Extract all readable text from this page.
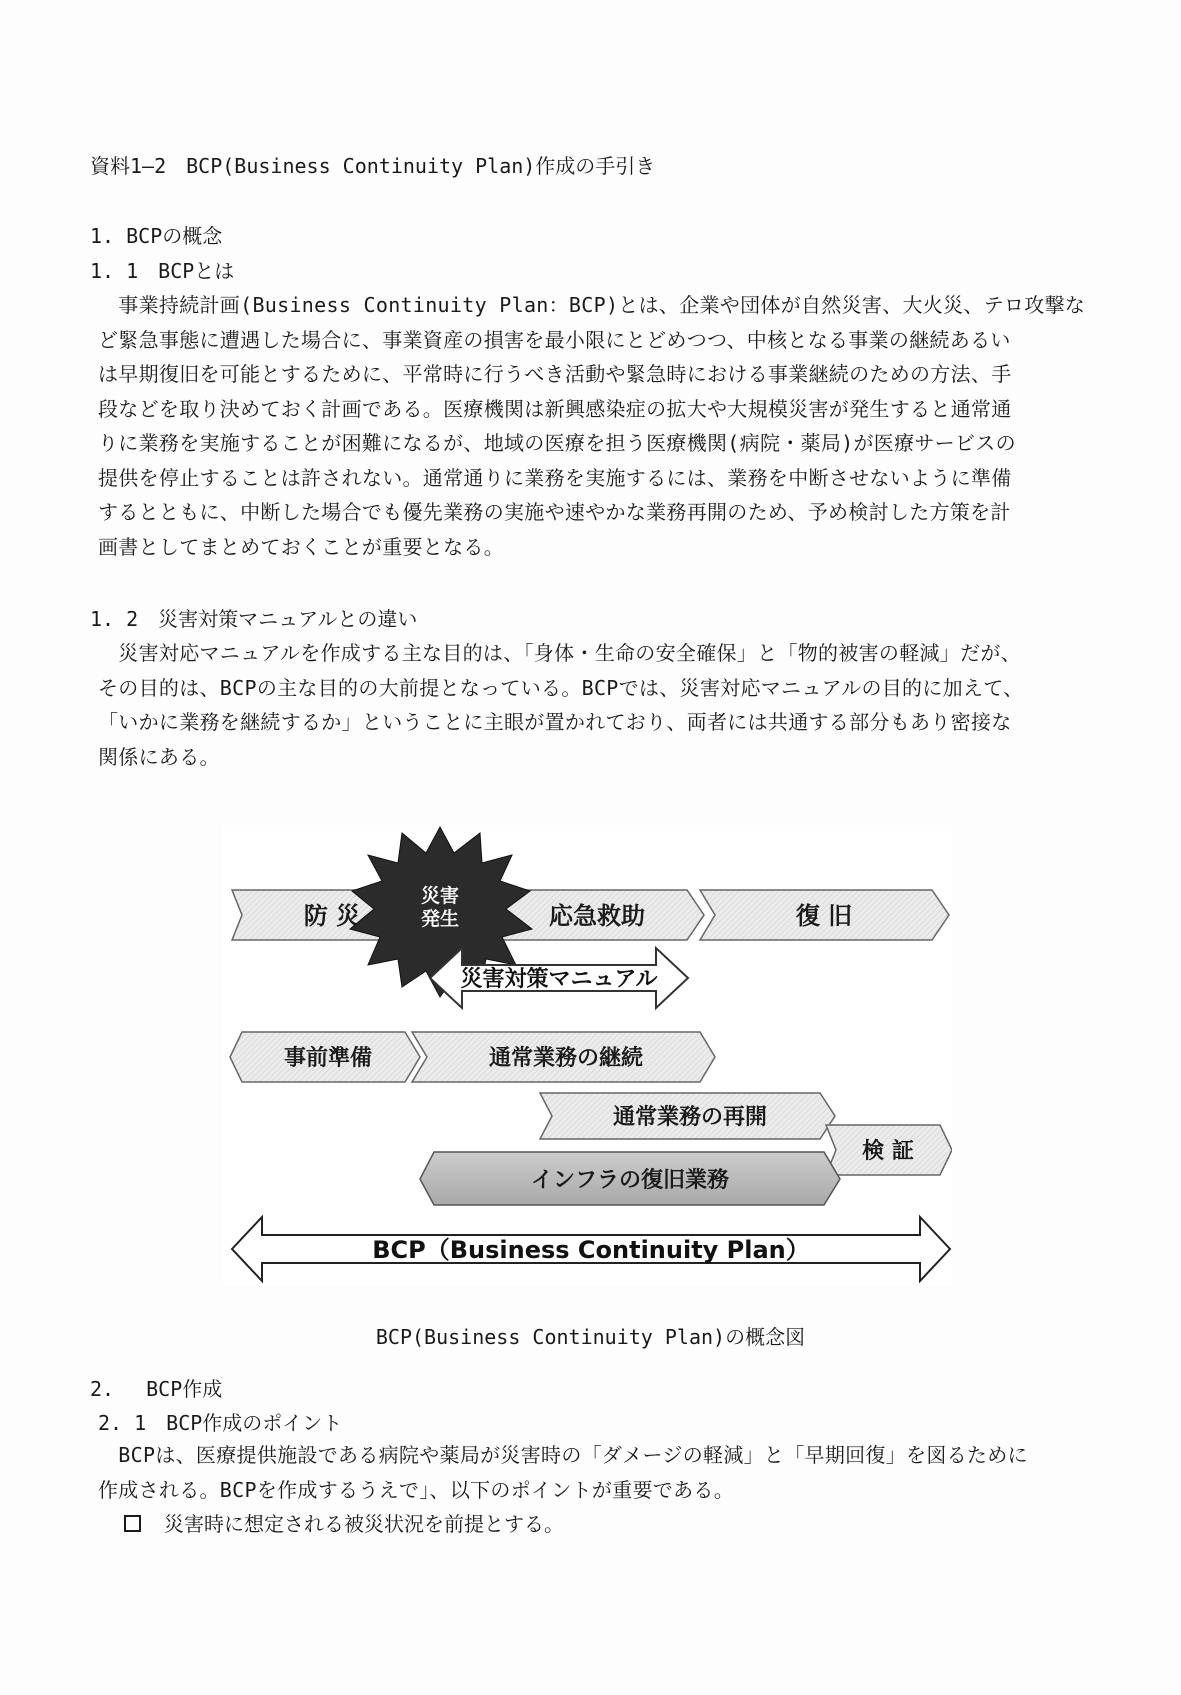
資料1―2　BCP(Business Continuity Plan)作成の手引き

1. BCPの概念

1. 1　BCPとは

　事業持続計画(Business Continuity Plan：BCP)とは、企業や団体が自然災害、大火災、テロ攻撃な
ど緊急事態に遭遇した場合に、事業資産の損害を最小限にとどめつつ、中核となる事業の継続あるい
は早期復旧を可能とするために、平常時に行うべき活動や緊急時における事業継続のための方法、手
段などを取り決めておく計画である。医療機関は新興感染症の拡大や大規模災害が発生すると通常通
りに業務を実施することが困難になるが、地域の医療を担う医療機関(病院・薬局)が医療サービスの
提供を停止することは許されない。通常通りに業務を実施するには、業務を中断させないように準備
するとともに、中断した場合でも優先業務の実施や速やかな業務再開のため、予め検討した方策を計
画書としてまとめておくことが重要となる。

1. 2　災害対策マニュアルとの違い

　災害対応マニュアルを作成する主な目的は、「身体・生命の安全確保」と「物的被害の軽減」だが、
その目的は、BCPの主な目的の大前提となっている。BCPでは、災害対応マニュアルの目的に加えて、
「いかに業務を継続するか」ということに主眼が置かれており、両者には共通する部分もあり密接な
関係にある。
防 災	応急救助	復 旧
災害
発生
災害対策マニュアル
事前準備	通常業務の継続
通常業務の再開
検 証
インフラの復旧業務
BCP（Business Continuity Plan）

BCP(Business Continuity Plan)の概念図

2.　 BCP作成

2. 1　BCP作成のポイント

　BCPは、医療提供施設である病院や薬局が災害時の「ダメージの軽減」と「早期回復」を図るために
作成される。BCPを作成するうえで」、以下のポイントが重要である。

災害時に想定される被災状況を前提とする。
